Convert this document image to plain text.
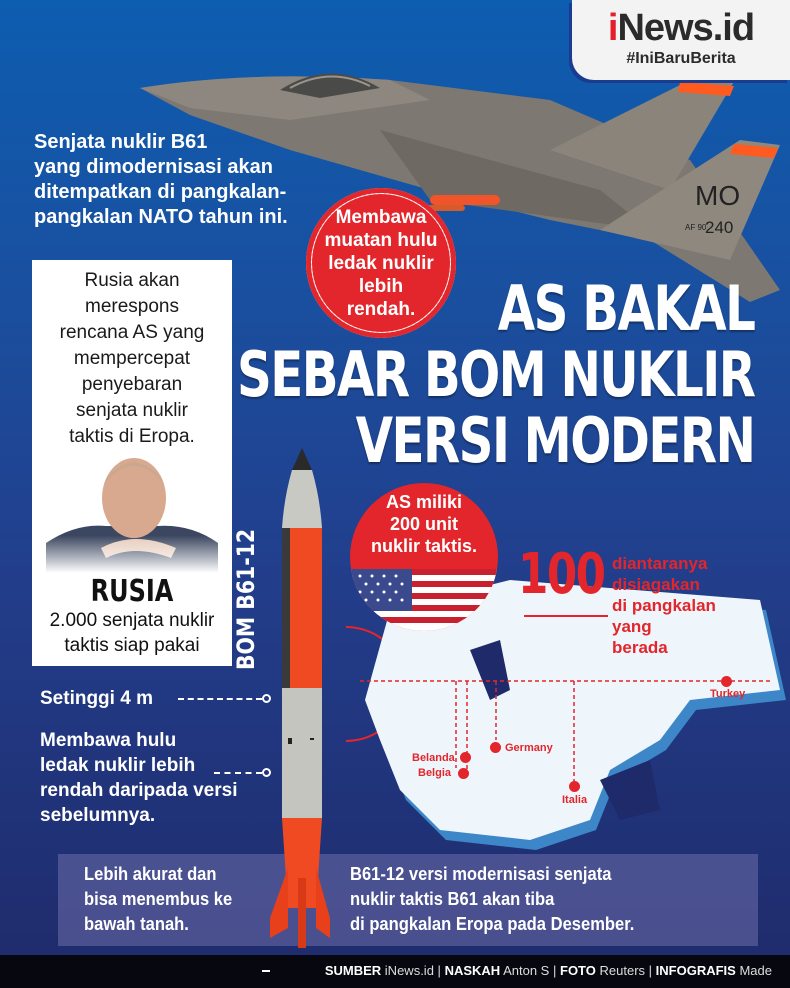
MO
AF 90
240
iNews.id
#IniBaruBerita
Senjata nuklir B61
yang dimodernisasi akan
ditempatkan di pangkalan-
pangkalan NATO tahun ini.	Membawa
muatan hulu
ledak nuklir
lebih
rendah.	AS BAKAL
SEBAR BOM NUKLIR
VERSI MODERN
Rusia akan
merespons
rencana AS yang
mempercepat
penyebaran
senjata nuklir
taktis di Eropa.
RUSIA
2.000 senjata nuklir
taktis siap pakai
Turkey
Germany
Belanda
Belgia
Italia
AS miliki
200 unit
nuklir taktis. 100 diantaranya
disiagakan
di pangkalan
yang
berada
BOM B61-12
Setinggi 4 m
Membawa hulu
ledak nuklir lebih
rendah daripada versi
sebelumnya.
Lebih akurat dan
bisa menembus ke
bawah tanah.
B61-12 versi modernisasi senjata
nuklir taktis B61 akan tiba
di pangkalan Eropa pada Desember.
SUMBER iNews.id | NASKAH Anton S | FOTO Reuters | INFOGRAFIS Made
